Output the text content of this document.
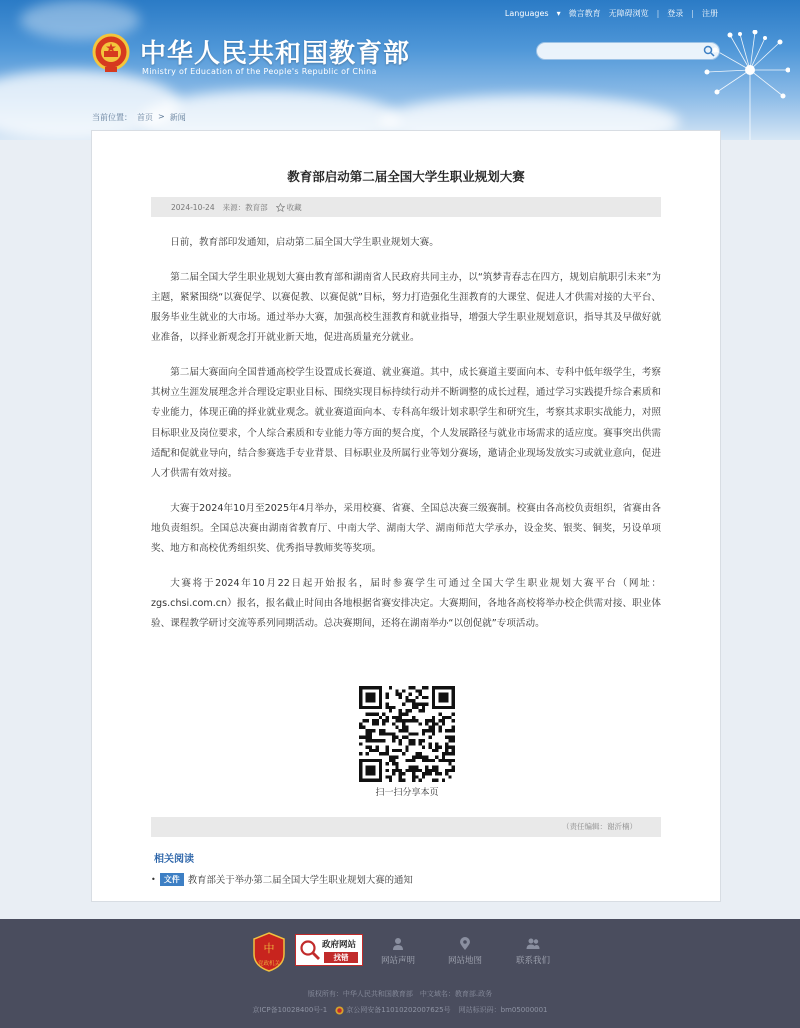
Languages ▾ 微言教育 无障碍浏览 | 登录 | 注册
中华人民共和国教育部
Ministry of Education of the People's Republic of China
当前位置： 首页 > 新闻
教育部启动第二届全国大学生职业规划大赛
2024-10-24 来源：教育部	收藏

日前，教育部印发通知，启动第二届全国大学生职业规划大赛。

第二届全国大学生职业规划大赛由教育部和湖南省人民政府共同主办，以“筑梦青春志在四方，规划启航职引未来”为主题，紧紧围绕“以赛促学、以赛促教、以赛促就”目标，努力打造强化生涯教育的大课堂、促进人才供需对接的大平台、服务毕业生就业的大市场。通过举办大赛，加强高校生涯教育和就业指导，增强大学生职业规划意识，指导其及早做好就业准备，以择业新观念打开就业新天地，促进高质量充分就业。

第二届大赛面向全国普通高校学生设置成长赛道、就业赛道。其中，成长赛道主要面向本、专科中低年级学生，考察其树立生涯发展理念并合理设定职业目标、围绕实现目标持续行动并不断调整的成长过程，通过学习实践提升综合素质和专业能力，体现正确的择业就业观念。就业赛道面向本、专科高年级计划求职学生和研究生，考察其求职实战能力，对照目标职业及岗位要求，个人综合素质和专业能力等方面的契合度，个人发展路径与就业市场需求的适应度。赛事突出供需适配和促就业导向，结合参赛选手专业背景、目标职业及所属行业等划分赛场，邀请企业现场发放实习或就业意向，促进人才供需有效对接。

大赛于2024年10月至2025年4月举办，采用校赛、省赛、全国总决赛三级赛制。校赛由各高校负责组织，省赛由各地负责组织。全国总决赛由湖南省教育厅、中南大学、湖南大学、湖南师范大学承办，设金奖、银奖、铜奖，另设单项奖、地方和高校优秀组织奖、优秀指导教师奖等奖项。

大赛将于2024年10月22日起开始报名，届时参赛学生可通过全国大学生职业规划大赛平台（网址：zgs.chsi.com.cn）报名，报名截止时间由各地根据省赛安排决定。大赛期间，各地各高校将举办校企供需对接、职业体验、课程教学研讨交流等系列同期活动。总决赛期间，还将在湖南举办“以创促就”专项活动。

扫一扫分享本页
（责任编辑：谢沂楠）
相关阅读
•	文件 教育部关于举办第二届全国大学生职业规划大赛的通知
中
党政机关
政府网站
找错	网站声明	网站地图	联系我们
版权所有：中华人民共和国教育部　中文域名：教育部.政务
京ICP备10028400号-1	京公网安备11010202007625号 网站标识码：bm05000001
